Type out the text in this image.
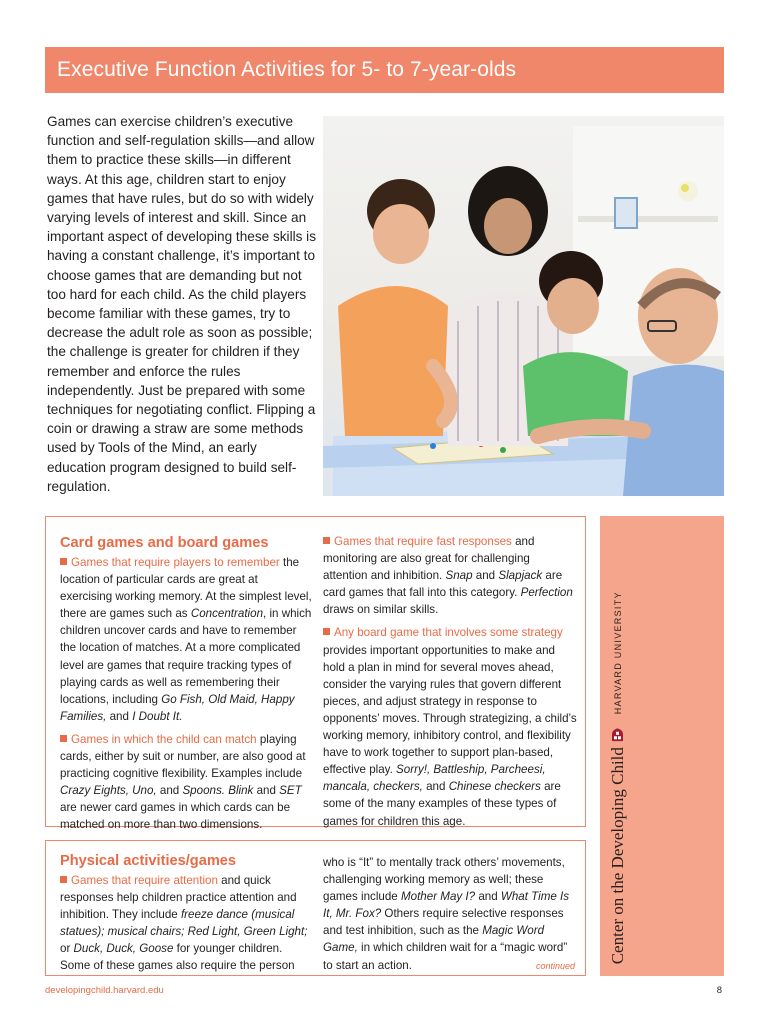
Executive Function Activities for 5- to 7-year-olds

Games can exercise children’s executive function and self-regulation skills—and allow them to practice these skills—in different ways. At this age, children start to enjoy games that have rules, but do so with widely varying levels of interest and skill. Since an important aspect of developing these skills is having a constant challenge, it’s important to choose games that are demanding but not too hard for each child. As the child players become familiar with these games, try to decrease the adult role as soon as possible; the challenge is greater for children if they remember and enforce the rules independently. Just be prepared with some techniques for negotiating conflict. Flipping a coin or drawing a straw are some methods used by Tools of the Mind, an early education program designed to build self-regulation.

Card games and board games

Games that require players to remember the location of particular cards are great at exercising working memory. At the simplest level, there are games such as Concentration, in which children uncover cards and have to remember the location of matches. At a more complicated level are games that require tracking types of playing cards as well as remembering their locations, including Go Fish, Old Maid, Happy Families, and I Doubt It.

Games in which the child can match playing cards, either by suit or number, are also good at practicing cognitive flexibility. Examples include Crazy Eights, Uno, and Spoons. Blink and SET are newer card games in which cards can be matched on more than two dimensions.

Games that require fast responses and monitoring are also great for challenging attention and inhibition. Snap and Slapjack are card games that fall into this category. Perfection draws on similar skills.

Any board game that involves some strategy provides important opportunities to make and hold a plan in mind for several moves ahead, consider the varying rules that govern different pieces, and adjust strategy in response to opponents’ moves. Through strategizing, a child’s working memory, inhibitory control, and flexibility have to work together to support plan-based, effective play. Sorry!, Battleship, Parcheesi, mancala, checkers, and Chinese checkers are some of the many examples of these types of games for children this age.

Physical activities/games

Games that require attention and quick responses help children practice attention and inhibition. They include freeze dance (musical statues); musical chairs; Red Light, Green Light; or Duck, Duck, Goose for younger children. Some of these games also require the person

who is “It” to mentally track others’ movements, challenging working memory as well; these games include Mother May I? and What Time Is It, Mr. Fox? Others require selective responses and test inhibition, such as the Magic Word Game, in which children wait for a “magic word” to start an action.	continued
Center on the Developing Child
HARVARD UNIVERSITY
developingchild.harvard.edu	8
